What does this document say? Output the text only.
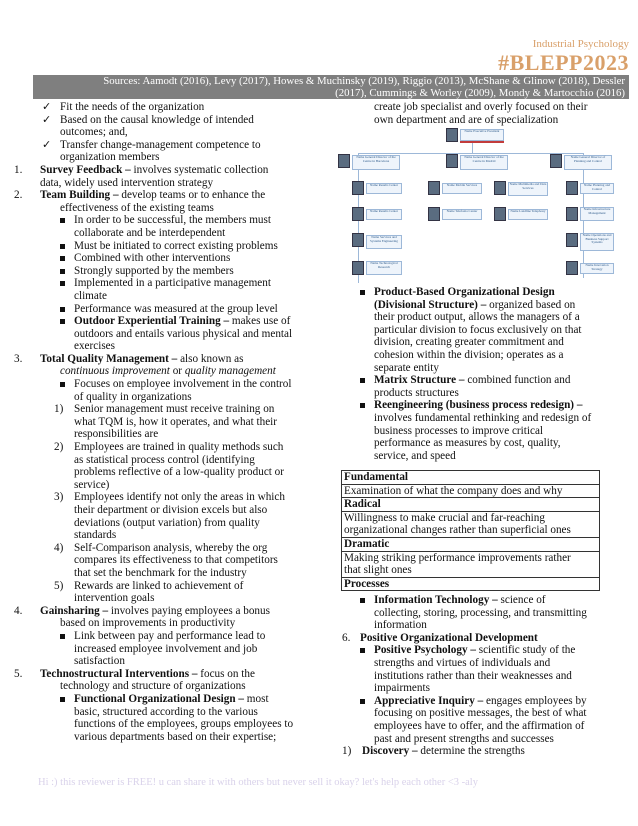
Industrial Psychology
#BLEPP2023
Sources: Aamodt (2016), Levy (2017), Howes & Muchinsky (2019), Riggio (2013), McShane & Glinow (2018), Dessler
(2017), Cummings & Worley (2009), Mondy & Martocchio (2016)
✓ Fit the needs of the organization
✓ Based on the causal knowledge of intended
outcomes; and,
✓ Transfer change-management competence to
organization members
1. Survey Feedback – involves systematic collection
data, widely used intervention strategy
2. Team Building – develop teams or to enhance the
effectiveness of the existing teams
In order to be successful, the members must
collaborate and be interdependent
Must be initiated to correct existing problems
Combined with other interventions
Strongly supported by the members
Implemented in a participative management
climate
Performance was measured at the group level
Outdoor Experiential Training – makes use of
outdoors and entails various physical and mental
exercises
3. Total Quality Management – also known as
continuous improvement or quality management
Focuses on employee involvement in the control
of quality in organizations
1) Senior management must receive training on
what TQM is, how it operates, and what their
responsibilities are
2) Employees are trained in quality methods such
as statistical process control (identifying
problems reflective of a low-quality product or
service)
3) Employees identify not only the areas in which
their department or division excels but also
deviations (output variation) from quality
standards
4) Self-Comparison analysis, whereby the org
compares its effectiveness to that competitors
that set the benchmark for the industry
5) Rewards are linked to achievement of
intervention goals
4. Gainsharing – involves paying employees a bonus
based on improvements in productivity
Link between pay and performance lead to
increased employee involvement and job
satisfaction
5. Technostructural Interventions – focus on the
technology and structure of organizations
Functional Organizational Design – most
basic, structured according to the various
functions of the employees, groups employees to
various departments based on their expertise;
create job specialist and overly focused on their
own department and are of specialization
Name Executive President
Name General Director of the Centre in Barcelona
Name General Director of the Centre in Madrid
Name General Director of Planning and Control
Name Results Center
Name Results Center
Name Services and Systems Engineering
Name Technological Research
Name Mobile Services
Name Telefonia Center
Name Multimedia and Data Services
Name Landline Telephony
Name Planning and Control
Name Infrastructure Management
Name Operations and Business Support Systems
Name Innovation Strategy
Product-Based Organizational Design
(Divisional Structure) – organized based on
their product output, allows the managers of a
particular division to focus exclusively on that
division, creating greater commitment and
cohesion within the division; operates as a
separate entity
Matrix Structure – combined function and
products structures
Reengineering (business process redesign) –
involves fundamental rethinking and redesign of
business processes to improve critical
performance as measures by cost, quality,
service, and speed
Fundamental
Examination of what the company does and why
Radical

Willingness to make crucial and far-reaching
organizational changes rather than superficial ones

Dramatic

Making striking performance improvements rather
that slight ones

Processes
Information Technology – science of
collecting, storing, processing, and transmitting
information
6. Positive Organizational Development
Positive Psychology – scientific study of the
strengths and virtues of individuals and
institutions rather than their weaknesses and
impairments
Appreciative Inquiry – engages employees by
focusing on positive messages, the best of what
employees have to offer, and the affirmation of
past and present strengths and successes
1) Discovery – determine the strengths
Hi :) this reviewer is FREE! u can share it with others but never sell it okay? let's help each other <3 -aly
